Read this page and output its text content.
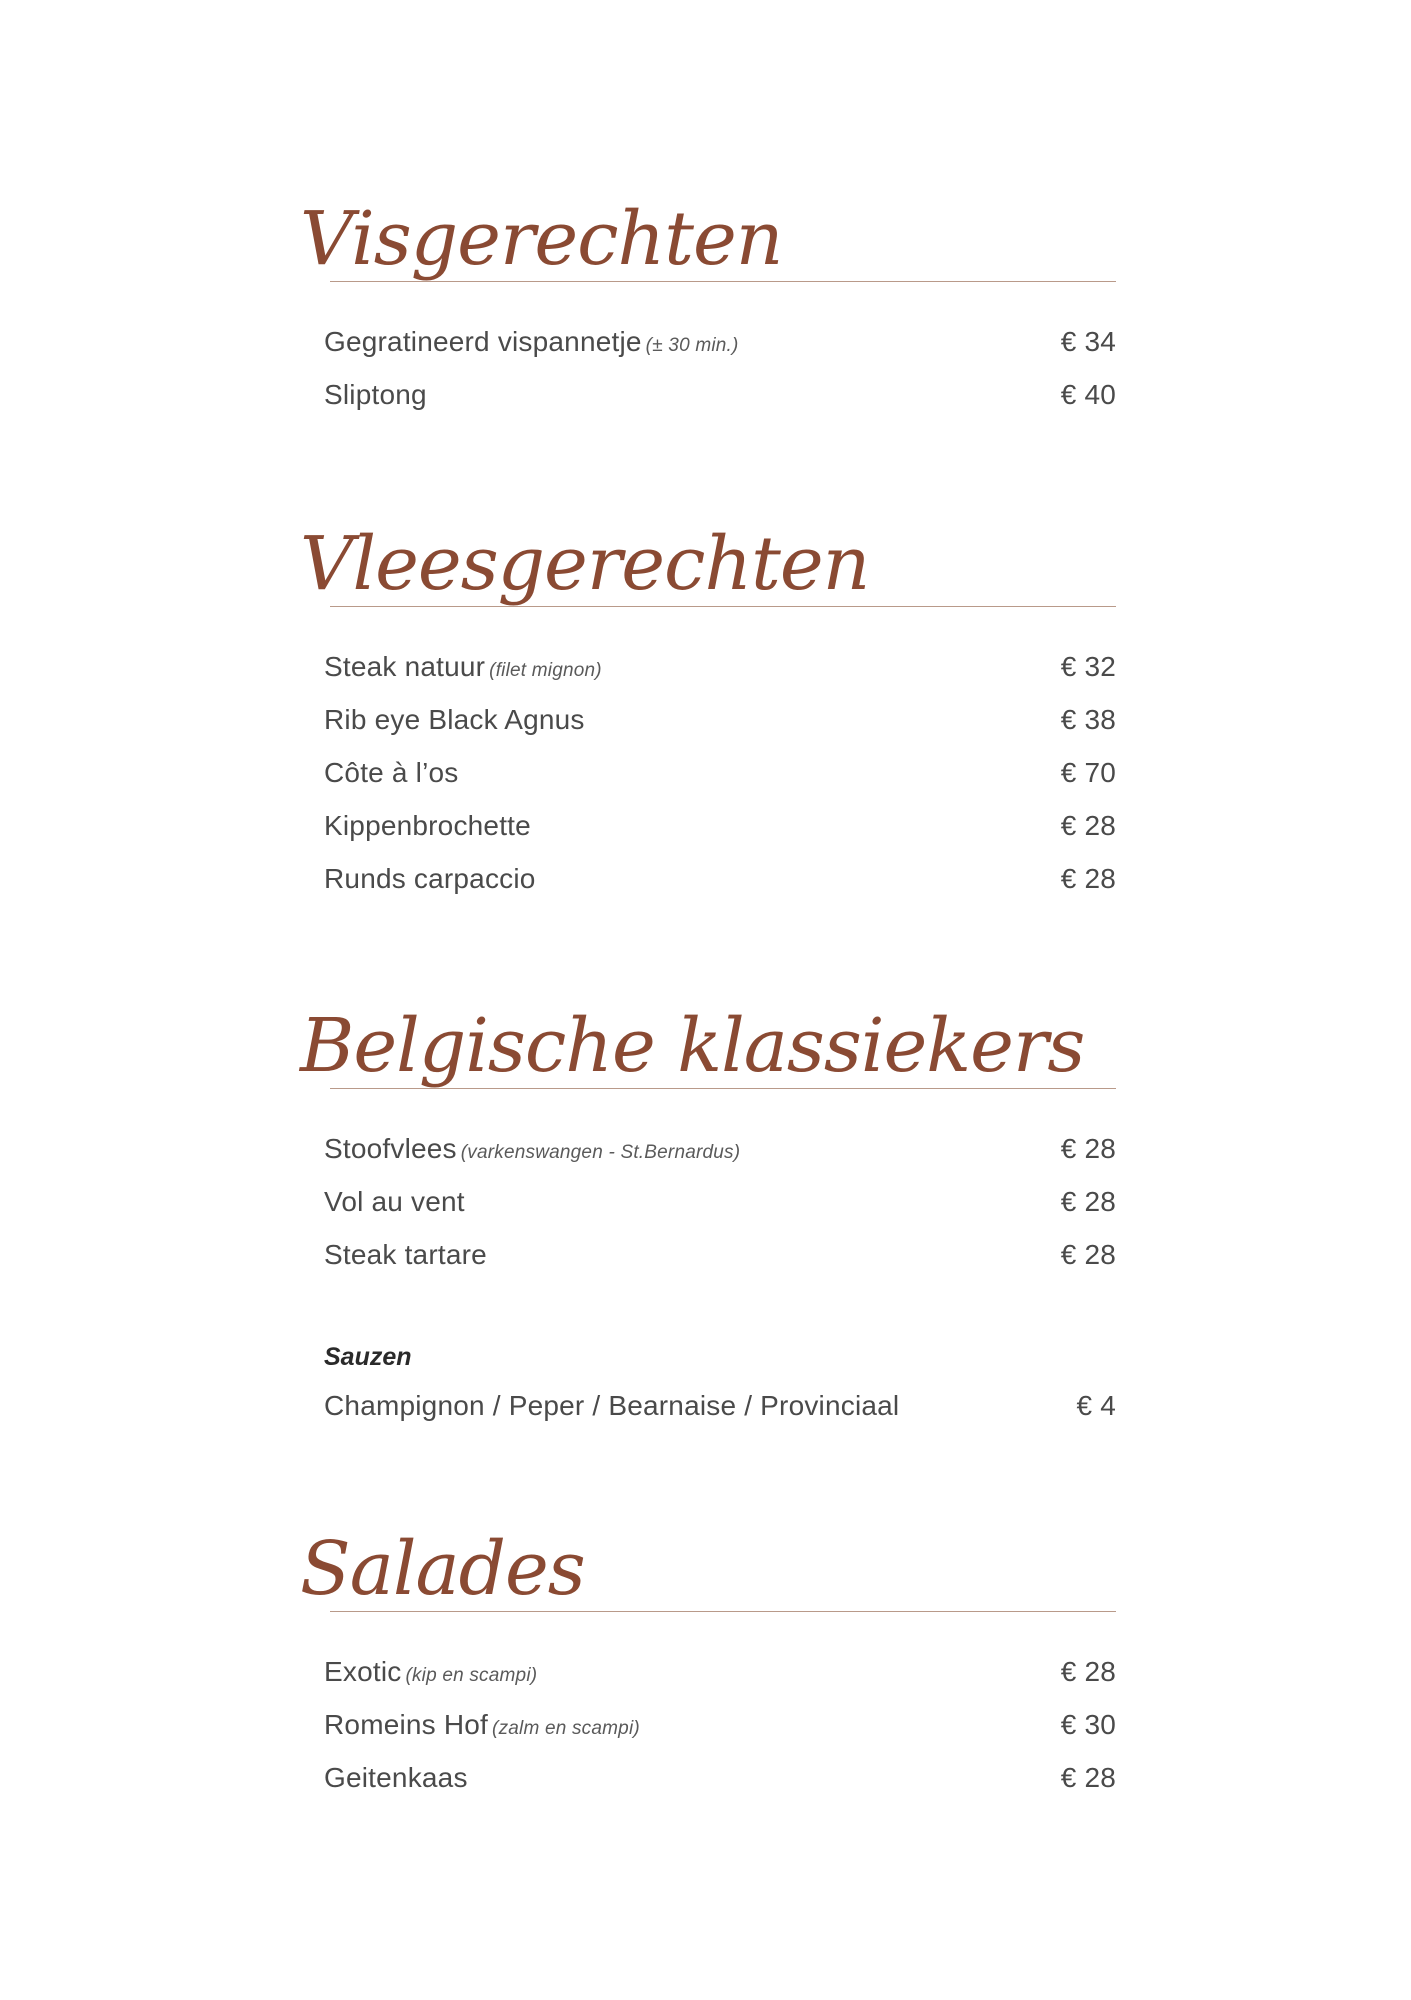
Visgerechten
Gegratineerd vispannetje (± 30 min.)	€ 34
Sliptong	€ 40
Vleesgerechten
Steak natuur (filet mignon)	€ 32
Rib eye Black Agnus	€ 38
Côte à l’os	€ 70
Kippenbrochette	€ 28
Runds carpaccio	€ 28
Belgische klassiekers
Stoofvlees (varkenswangen - St.Bernardus)	€ 28
Vol au vent	€ 28
Steak tartare	€ 28
Sauzen
Champignon / Peper / Bearnaise / Provinciaal	€ 4
Salades
Exotic (kip en scampi)	€ 28
Romeins Hof (zalm en scampi)	€ 30
Geitenkaas	€ 28
